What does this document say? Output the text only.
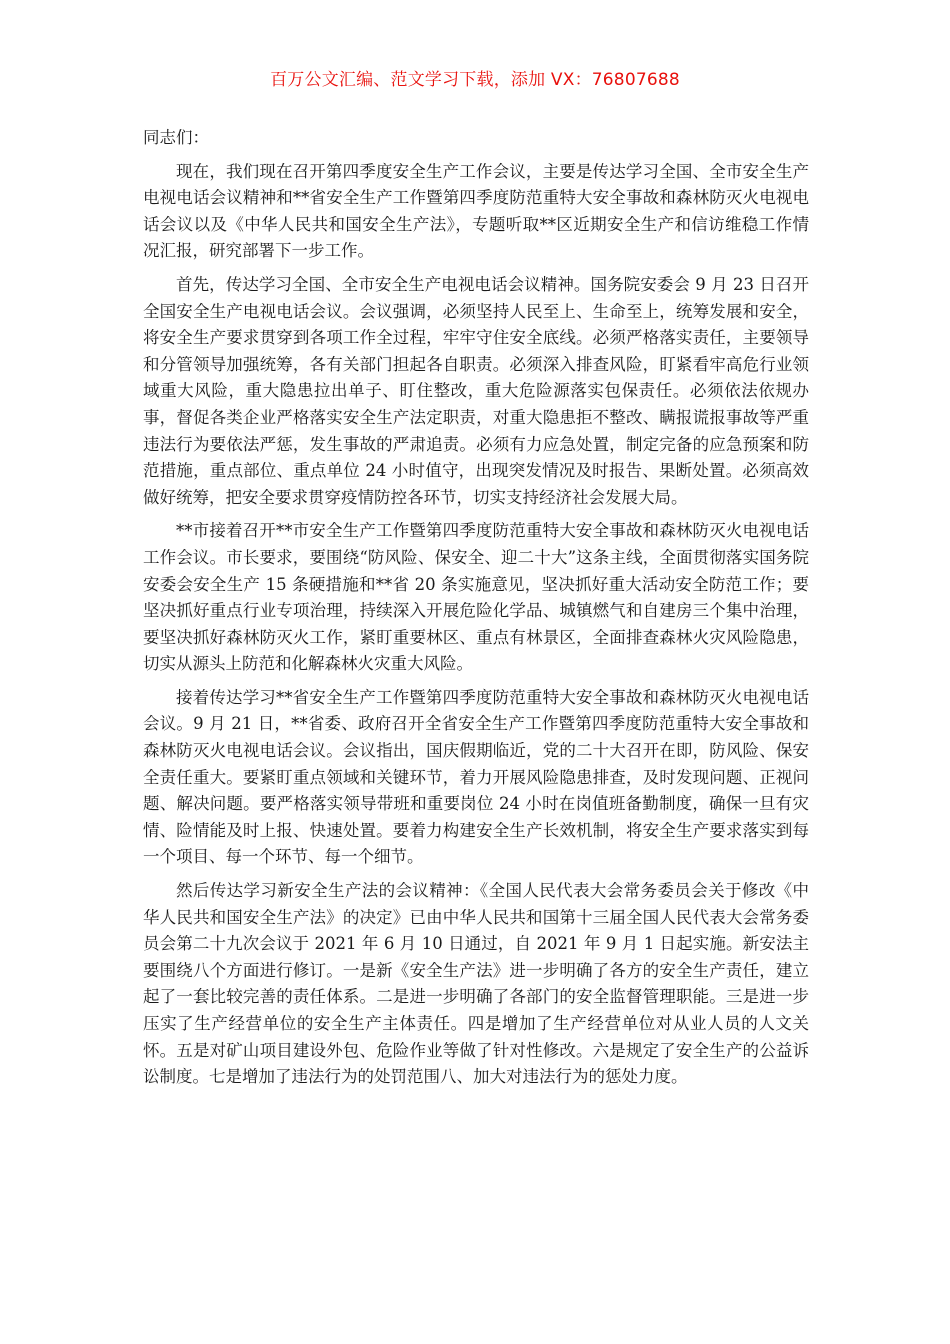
百万公文汇编、范文学习下载，添加 VX：76807688

同志们：

现在，我们现在召开第四季度安全生产工作会议，主要是传达学习全国、全市安全生产电视电话会议精神和**省安全生产工作暨第四季度防范重特大安全事故和森林防灭火电视电话会议以及《中华人民共和国安全生产法》，专题听取**区近期安全生产和信访维稳工作情况汇报，研究部署下一步工作。

首先，传达学习全国、全市安全生产电视电话会议精神。国务院安委会 9 月 23 日召开全国安全生产电视电话会议。会议强调，必须坚持人民至上、生命至上，统筹发展和安全，将安全生产要求贯穿到各项工作全过程，牢牢守住安全底线。必须严格落实责任，主要领导和分管领导加强统筹，各有关部门担起各自职责。必须深入排查风险，盯紧看牢高危行业领域重大风险，重大隐患拉出单子、盯住整改，重大危险源落实包保责任。必须依法依规办事，督促各类企业严格落实安全生产法定职责，对重大隐患拒不整改、瞒报谎报事故等严重违法行为要依法严惩，发生事故的严肃追责。必须有力应急处置，制定完备的应急预案和防范措施，重点部位、重点单位 24 小时值守，出现突发情况及时报告、果断处置。必须高效做好统筹，把安全要求贯穿疫情防控各环节，切实支持经济社会发展大局。

**市接着召开**市安全生产工作暨第四季度防范重特大安全事故和森林防灭火电视电话工作会议。市长要求，要围绕“防风险、保安全、迎二十大”这条主线，全面贯彻落实国务院安委会安全生产 15 条硬措施和**省 20 条实施意见，坚决抓好重大活动安全防范工作；要坚决抓好重点行业专项治理，持续深入开展危险化学品、城镇燃气和自建房三个集中治理，要坚决抓好森林防灭火工作，紧盯重要林区、重点有林景区，全面排查森林火灾风险隐患，切实从源头上防范和化解森林火灾重大风险。

接着传达学习**省安全生产工作暨第四季度防范重特大安全事故和森林防灭火电视电话会议。9 月 21 日，**省委、政府召开全省安全生产工作暨第四季度防范重特大安全事故和森林防灭火电视电话会议。会议指出，国庆假期临近，党的二十大召开在即，防风险、保安全责任重大。要紧盯重点领域和关键环节，着力开展风险隐患排查，及时发现问题、正视问题、解决问题。要严格落实领导带班和重要岗位 24 小时在岗值班备勤制度，确保一旦有灾情、险情能及时上报、快速处置。要着力构建安全生产长效机制，将安全生产要求落实到每一个项目、每一个环节、每一个细节。

然后传达学习新安全生产法的会议精神：《全国人民代表大会常务委员会关于修改《中华人民共和国安全生产法》的决定》已由中华人民共和国第十三届全国人民代表大会常务委员会第二十九次会议于 2021 年 6 月 10 日通过，自 2021 年 9 月 1 日起实施。新安法主要围绕八个方面进行修订。一是新《安全生产法》进一步明确了各方的安全生产责任，建立起了一套比较完善的责任体系。二是进一步明确了各部门的安全监督管理职能。三是进一步压实了生产经营单位的安全生产主体责任。四是增加了生产经营单位对从业人员的人文关怀。五是对矿山项目建设外包、危险作业等做了针对性修改。六是规定了安全生产的公益诉讼制度。七是增加了违法行为的处罚范围八、加大对违法行为的惩处力度。
